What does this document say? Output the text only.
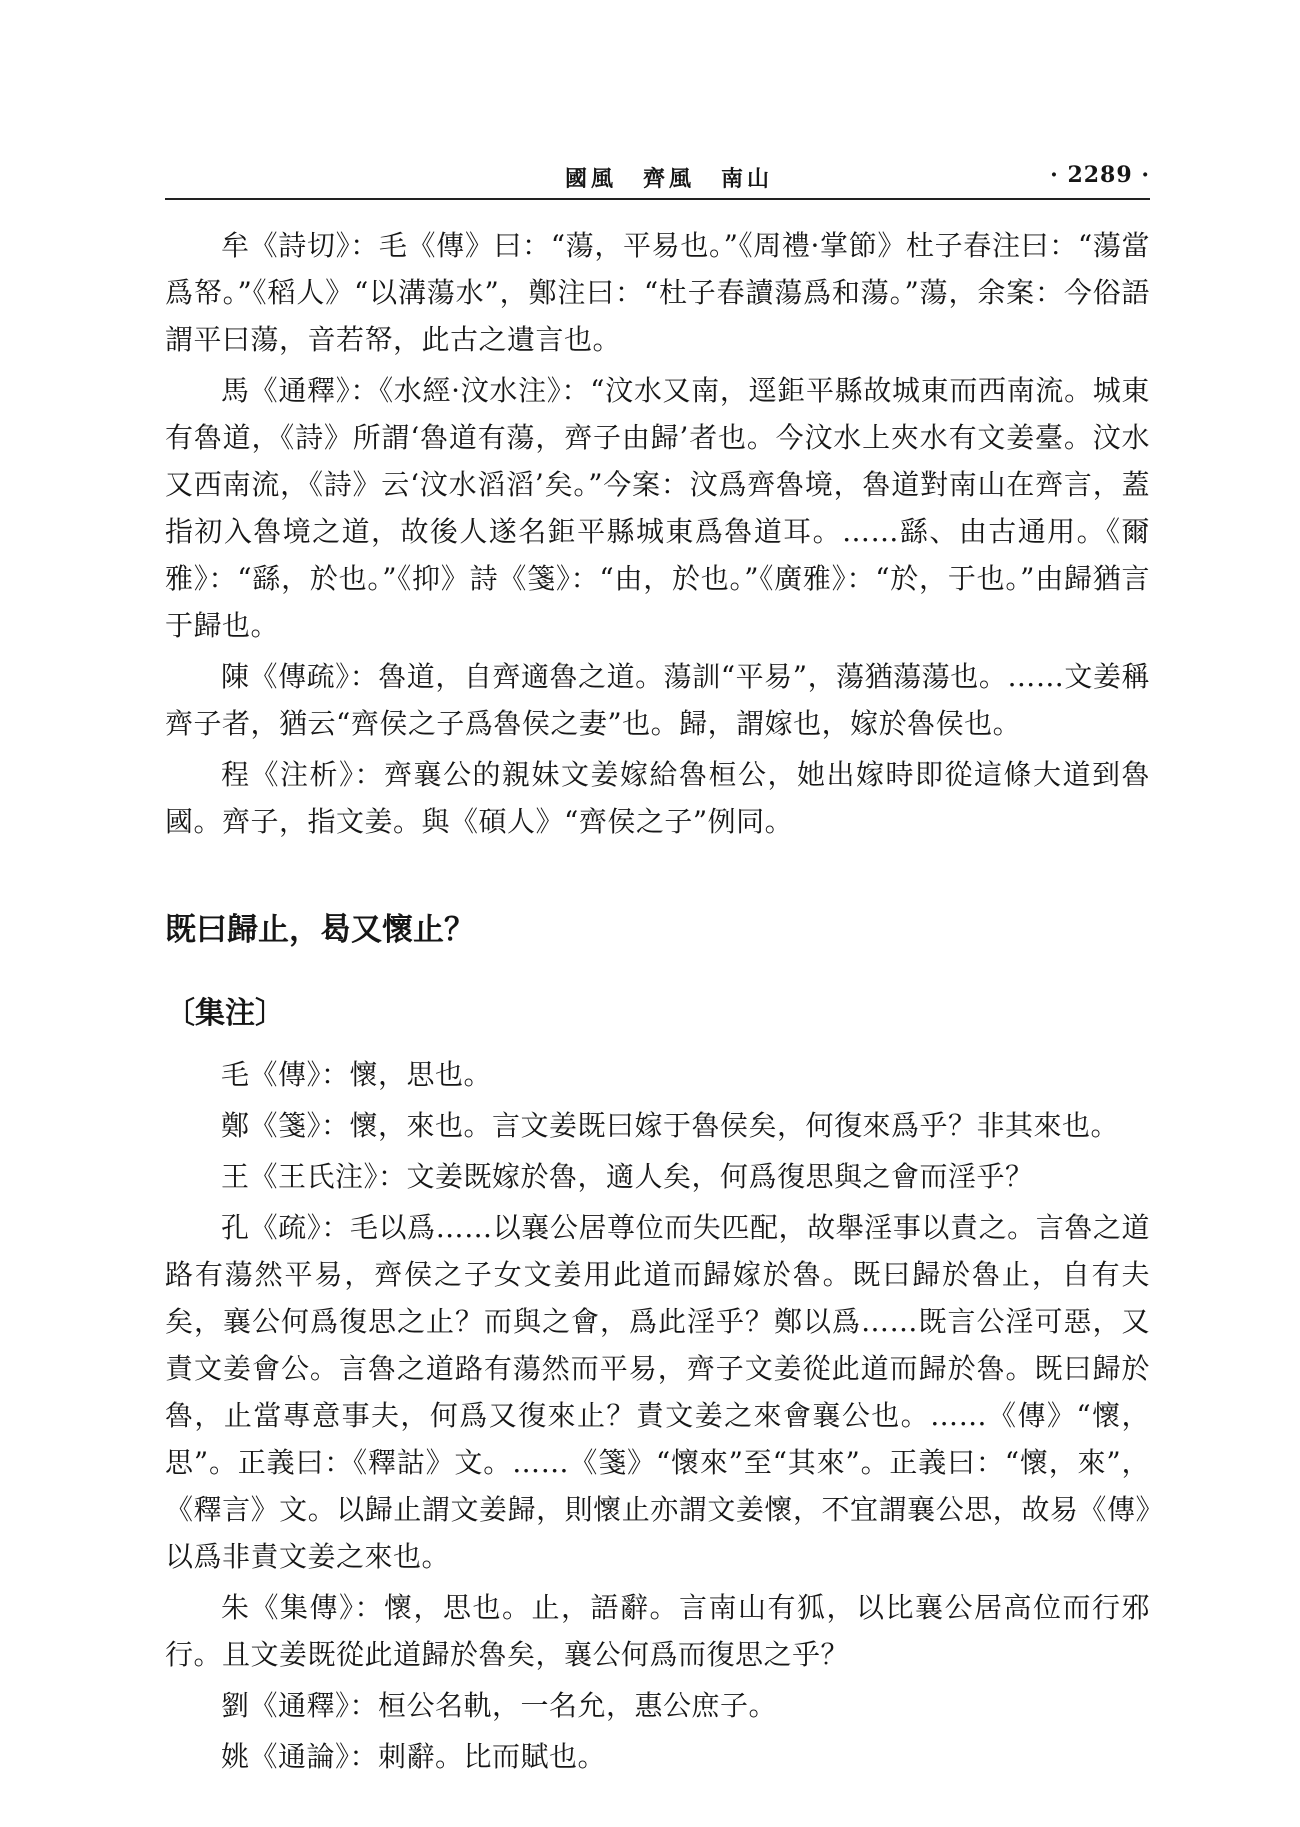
國風　齊風　南山	· 2289 ·

牟《詩切》：毛《傳》曰：“蕩，平易也。”《周禮·掌節》杜子春注曰：“蕩當爲帑。”《稻人》“以溝蕩水”，鄭注曰：“杜子春讀蕩爲和蕩。”蕩，余案：今俗語謂平曰蕩，音若帑，此古之遺言也。

馬《通釋》：《水經·汶水注》：“汶水又南，逕鉅平縣故城東而西南流。城東有魯道，《詩》所謂‘魯道有蕩，齊子由歸’者也。今汶水上夾水有文姜臺。汶水又西南流，《詩》云‘汶水滔滔’矣。”今案：汶爲齊魯境，魯道對南山在齊言，蓋指初入魯境之道，故後人遂名鉅平縣城東爲魯道耳。……繇、由古通用。《爾雅》：“繇，於也。”《抑》詩《箋》：“由，於也。”《廣雅》：“於，于也。”由歸猶言于歸也。

陳《傳疏》：魯道，自齊適魯之道。蕩訓“平易”，蕩猶蕩蕩也。……文姜稱齊子者，猶云“齊侯之子爲魯侯之妻”也。歸，謂嫁也，嫁於魯侯也。

程《注析》：齊襄公的親妹文姜嫁給魯桓公，她出嫁時即從這條大道到魯國。齊子，指文姜。與《碩人》“齊侯之子”例同。

既曰歸止，曷又懷止？
〔集注〕

毛《傳》：懷，思也。

鄭《箋》：懷，來也。言文姜既曰嫁于魯侯矣，何復來爲乎？非其來也。

王《王氏注》：文姜既嫁於魯，適人矣，何爲復思與之會而淫乎？

孔《疏》：毛以爲……以襄公居尊位而失匹配，故舉淫事以責之。言魯之道路有蕩然平易，齊侯之子女文姜用此道而歸嫁於魯。既曰歸於魯止，自有夫矣，襄公何爲復思之止？而與之會，爲此淫乎？鄭以爲……既言公淫可惡，又責文姜會公。言魯之道路有蕩然而平易，齊子文姜從此道而歸於魯。既曰歸於魯，止當專意事夫，何爲又復來止？責文姜之來會襄公也。……《傳》“懷，思”。正義曰：《釋詁》文。……《箋》“懷來”至“其來”。正義曰：“懷，來”，《釋言》文。以歸止謂文姜歸，則懷止亦謂文姜懷，不宜謂襄公思，故易《傳》以爲非責文姜之來也。

朱《集傳》：懷，思也。止，語辭。言南山有狐，以比襄公居高位而行邪行。且文姜既從此道歸於魯矣，襄公何爲而復思之乎？

劉《通釋》：桓公名軌，一名允，惠公庶子。

姚《通論》：刺辭。比而賦也。
